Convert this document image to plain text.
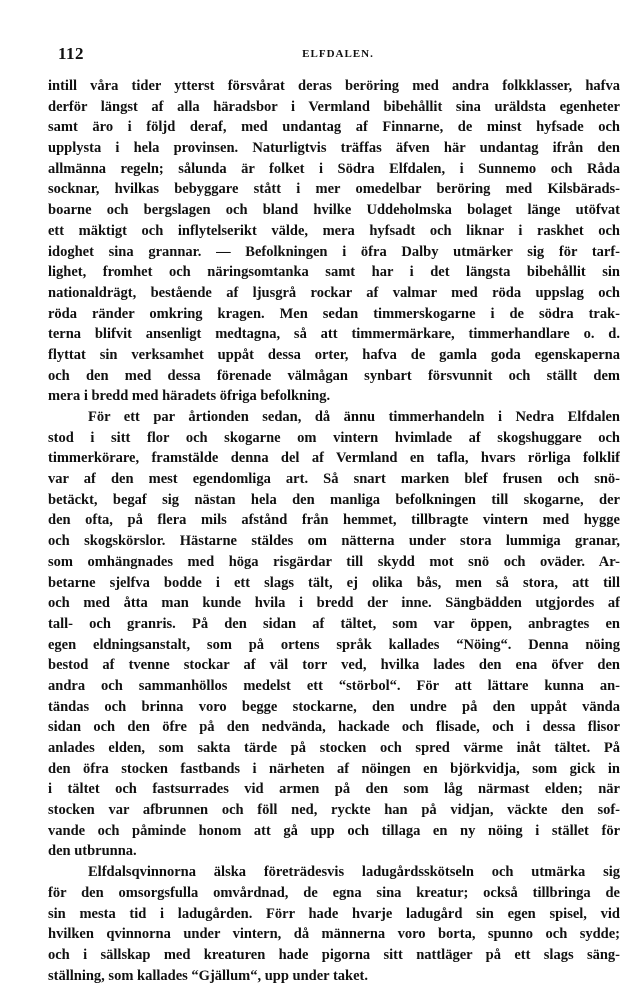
112	ELFDALEN.
intill våra tider ytterst försvårat deras beröring med andra folkklasser, hafva
derför längst af alla häradsbor i Vermland bibehållit sina uräldsta egenheter
samt äro i följd deraf, med undantag af Finnarne, de minst hyfsade och
upplysta i hela provinsen. Naturligtvis träffas äfven här undantag ifrån den
allmänna regeln; sålunda är folket i Södra Elfdalen, i Sunnemo och Råda
socknar, hvilkas bebyggare stått i mer omedelbar beröring med Kilsbärads-
boarne och bergslagen och bland hvilke Uddeholmska bolaget länge utöfvat
ett mäktigt och inflytelserikt välde, mera hyfsadt och liknar i raskhet och
idoghet sina grannar. — Befolkningen i öfra Dalby utmärker sig för tarf-
lighet, fromhet och näringsomtanka samt har i det längsta bibehållit sin
nationaldrägt, bestående af ljusgrå rockar af valmar med röda uppslag och
röda ränder omkring kragen. Men sedan timmerskogarne i de södra trak-
terna blifvit ansenligt medtagna, så att timmermärkare, timmerhandlare o. d.
flyttat sin verksamhet uppåt dessa orter, hafva de gamla goda egenskaperna
och den med dessa förenade välmågan synbart försvunnit och ställt dem
mera i bredd med häradets öfriga befolkning.
För ett par årtionden sedan, då ännu timmerhandeln i Nedra Elfdalen
stod i sitt flor och skogarne om vintern hvimlade af skogshuggare och
timmerkörare, framstälde denna del af Vermland en tafla, hvars rörliga folklif
var af den mest egendomliga art. Så snart marken blef frusen och snö-
betäckt, begaf sig nästan hela den manliga befolkningen till skogarne, der
den ofta, på flera mils afstånd från hemmet, tillbragte vintern med hygge
och skogskörslor. Hästarne stäldes om nätterna under stora lummiga granar,
som omhängnades med höga risgärdar till skydd mot snö och oväder. Ar-
betarne sjelfva bodde i ett slags tält, ej olika bås, men så stora, att till
och med åtta man kunde hvila i bredd der inne. Sängbädden utgjordes af
tall- och granris. På den sidan af tältet, som var öppen, anbragtes en
egen eldningsanstalt, som på ortens språk kallades “Nöing“. Denna nöing
bestod af tvenne stockar af väl torr ved, hvilka lades den ena öfver den
andra och sammanhöllos medelst ett “störbol“. För att lättare kunna an-
tändas och brinna voro begge stockarne, den undre på den uppåt vända
sidan och den öfre på den nedvända, hackade och flisade, och i dessa flisor
anlades elden, som sakta tärde på stocken och spred värme inåt tältet. På
den öfra stocken fastbands i närheten af nöingen en björkvidja, som gick in
i tältet och fastsurrades vid armen på den som låg närmast elden; när
stocken var afbrunnen och föll ned, ryckte han på vidjan, väckte den sof-
vande och påminde honom att gå upp och tillaga en ny nöing i stället för
den utbrunna.
Elfdalsqvinnorna älska företrädesvis ladugårdsskötseln och utmärka sig
för den omsorgsfulla omvårdnad, de egna sina kreatur; också tillbringa de
sin mesta tid i ladugården. Förr hade hvarje ladugård sin egen spisel, vid
hvilken qvinnorna under vintern, då männerna voro borta, spunno och sydde;
och i sällskap med kreaturen hade pigorna sitt nattläger på ett slags säng-
ställning, som kallades “Gjällum“, upp under taket.
